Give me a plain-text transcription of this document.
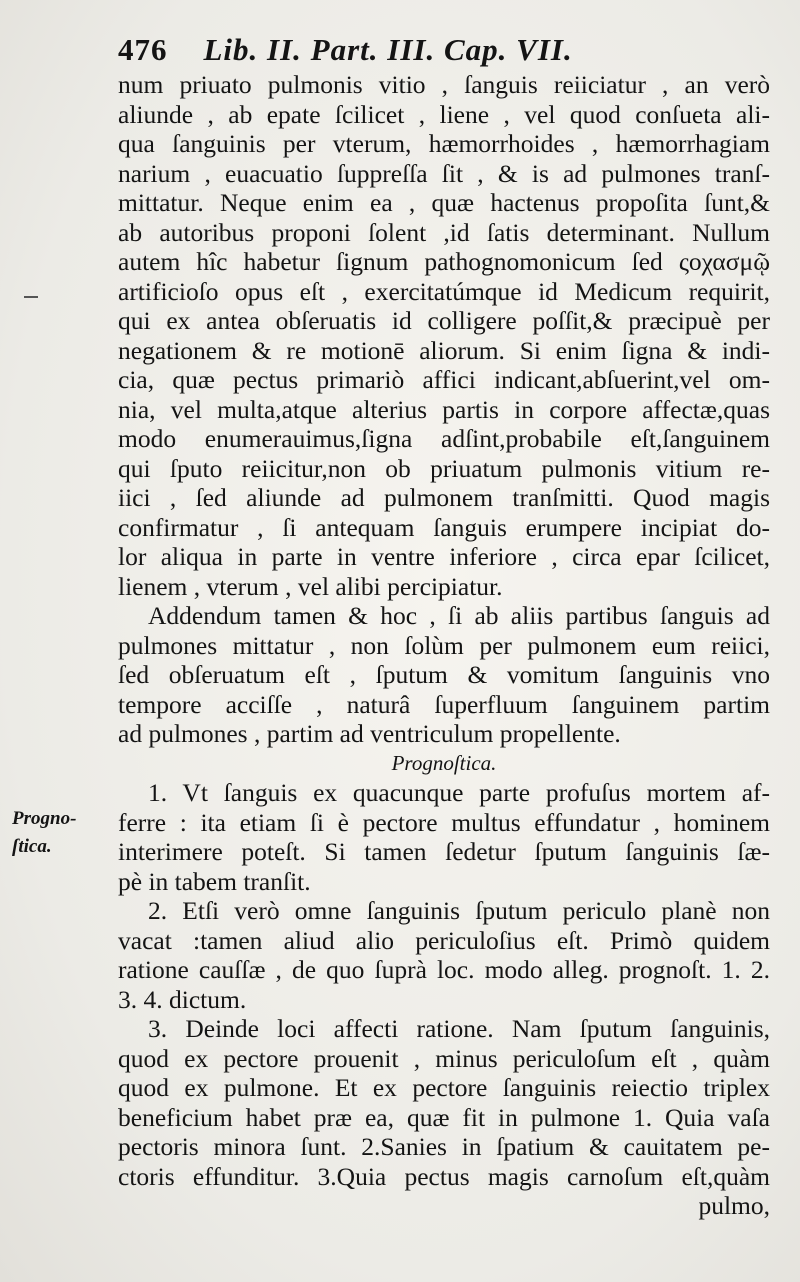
476 Lib. II. Part. III. Cap. VII.
Progno-
ſtica.
num priuato pulmonis vitio , ſanguis reiiciatur , an verò
aliunde , ab epate ſcilicet , liene , vel quod conſueta ali-
qua ſanguinis per vterum, hæmorrhoides , hæmorrhagiam
narium , euacuatio ſuppreſſa ſit , & is ad pulmones tranſ-
mittatur. Neque enim ea , quæ hactenus propoſita ſunt,&
ab autoribus proponi ſolent ,id ſatis determinant. Nullum
autem hîc habetur ſignum pathognomonicum ſed ςοχασμῷ
artificioſo opus eſt , exercitatúmque id Medicum requirit,
qui ex antea obſeruatis id colligere poſſit,& præcipuè per
negationem & re motionē aliorum. Si enim ſigna & indi-
cia, quæ pectus primariò affici indicant,abſuerint,vel om-
nia, vel multa,atque alterius partis in corpore affectæ,quas
modo enumerauimus,ſigna adſint,probabile eſt,ſanguinem
qui ſputo reiicitur,non ob priuatum pulmonis vitium re-
iici , ſed aliunde ad pulmonem tranſmitti. Quod magis
confirmatur , ſi antequam ſanguis erumpere incipiat do-
lor aliqua in parte in ventre inferiore , circa epar ſcilicet,
lienem , vterum , vel alibi percipiatur.
Addendum tamen & hoc , ſi ab aliis partibus ſanguis ad
pulmones mittatur , non ſolùm per pulmonem eum reiici,
ſed obſeruatum eſt , ſputum & vomitum ſanguinis vno
tempore acciſſe , naturâ ſuperfluum ſanguinem partim
ad pulmones , partim ad ventriculum propellente.
Prognoſtica.
1. Vt ſanguis ex quacunque parte profuſus mortem af-
ferre : ita etiam ſi è pectore multus effundatur , hominem
interimere poteſt. Si tamen ſedetur ſputum ſanguinis ſæ-
pè in tabem tranſit.
2. Etſi verò omne ſanguinis ſputum periculo planè non
vacat :tamen aliud alio periculoſius eſt. Primò quidem
ratione cauſſæ , de quo ſuprà loc. modo alleg. prognoſt. 1. 2.
3. 4. dictum.
3. Deinde loci affecti ratione. Nam ſputum ſanguinis,
quod ex pectore prouenit , minus periculoſum eſt , quàm
quod ex pulmone. Et ex pectore ſanguinis reiectio triplex
beneficium habet præ ea, quæ fit in pulmone 1. Quia vaſa
pectoris minora ſunt. 2.Sanies in ſpatium & cauitatem pe-
ctoris effunditur. 3.Quia pectus magis carnoſum eſt,quàm
pulmo,
